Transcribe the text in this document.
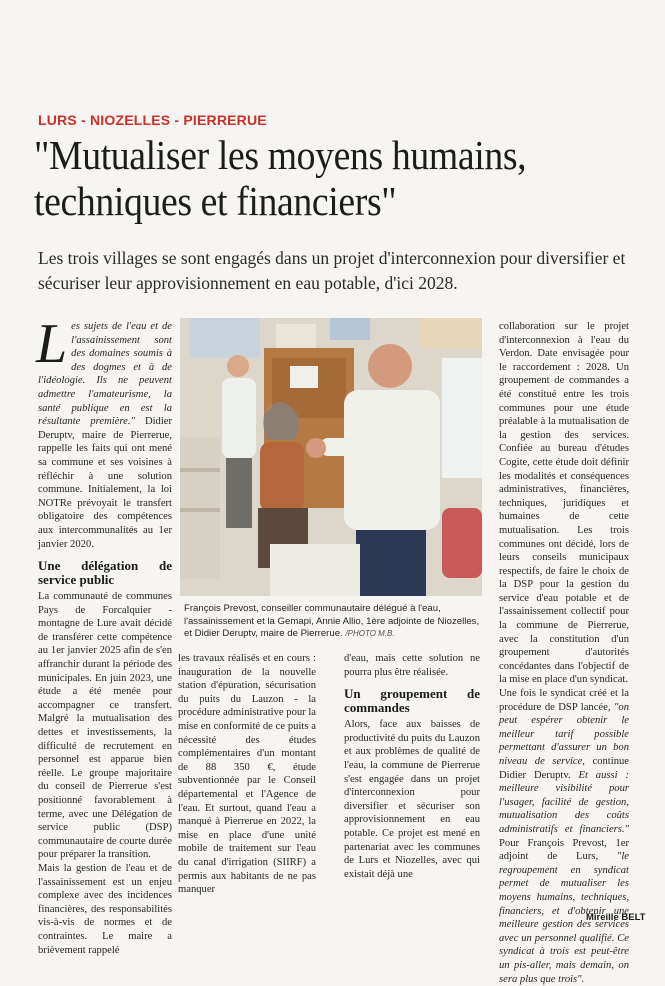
LURS - NIOZELLES - PIERRERUE
"Mutualiser les moyens humains, techniques et financiers"
Les trois villages se sont engagés dans un projet d'interconnexion pour diversifier et sécuriser leur approvisionnement en eau potable, d'ici 2028.

Les sujets de l'eau et de l'assainissement sont des domaines soumis à des dogmes et à de l'idéologie. Ils ne peuvent admettre l'amateurisme, la santé publique en est la résultante première." Didier Deruptv, maire de Pierrerue, rappelle les faits qui ont mené sa commune et ses voisines à réfléchir à une solution commune. Initialement, la loi NOTRe prévoyait le transfert obligatoire des compétences aux intercommunalités au 1er janvier 2020.

Une délégation de service public

La communauté de communes Pays de Forcalquier - montagne de Lure avait décidé de transférer cette compétence au 1er janvier 2025 afin de s'en affranchir durant la période des municipales. En juin 2023, une étude a été menée pour accompagner ce transfert. Malgré la mutualisation des dettes et investissements, la difficulté de recrutement en personnel est apparue bien réelle. Le groupe majoritaire du conseil de Pierrerue s'est positionné favorablement à terme, avec une Délégation de service public (DSP) communautaire de courte durée pour préparer la transition.

Mais la gestion de l'eau et de l'assainissement est un enjeu complexe avec des incidences financières, des responsabilités vis-à-vis de normes et de contraintes. Le maire a brièvement rappelé

François Prevost, conseiller communautaire délégué à l'eau, l'assainissement et la Gemapi, Annie Allio, 1ère adjointe de Niozelles, et Didier Deruptv, maire de Pierrerue. /PHOTO M.B.

les travaux réalisés et en cours : inauguration de la nouvelle station d'épuration, sécurisation du puits du Lauzon - la procédure administrative pour la mise en conformité de ce puits a nécessité des études complémentaires d'un montant de 88 350 €, étude subventionnée par le Conseil départemental et l'Agence de l'eau. Et surtout, quand l'eau a manqué à Pierrerue en 2022, la mise en place d'une unité mobile de traitement sur l'eau du canal d'irrigation (SIIRF) a permis aux habitants de ne pas manquer

d'eau, mais cette solution ne pourra plus être réalisée.

Un groupement de commandes

Alors, face aux baisses de productivité du puits du Lauzon et aux problèmes de qualité de l'eau, la commune de Pierrerue s'est engagée dans un projet d'interconnexion pour diversifier et sécuriser son approvisionnement en eau potable. Ce projet est mené en partenariat avec les communes de Lurs et Niozelles, avec qui existait déjà une

collaboration sur le projet d'interconnexion à l'eau du Verdon. Date envisagée pour le raccordement : 2028. Un groupement de commandes a été constitué entre les trois communes pour une étude préalable à la mutualisation de la gestion des services. Confiée au bureau d'études Cogite, cette étude doit définir les modalités et conséquences administratives, financières, techniques, juridiques et humaines de cette mutualisation. Les trois communes ont décidé, lors de leurs conseils municipaux respectifs, de faire le choix de la DSP pour la gestion du service d'eau potable et de l'assainissement collectif pour la commune de Pierrerue, avec la constitution d'un groupement d'autorités concédantes dans l'objectif de la mise en place d'un syndicat.

Une fois le syndicat créé et la procédure de DSP lancée, "on peut espérer obtenir le meilleur tarif possible permettant d'assurer un bon niveau de service, continue Didier Deruptv. Et aussi : meilleure visibilité pour l'usager, facilité de gestion, mutualisation des coûts administratifs et financiers." Pour François Prevost, 1er adjoint de Lurs, "le regroupement en syndicat permet de mutualiser les moyens humains, techniques, financiers, et d'obtenir une meilleure gestion des services avec un personnel qualifié. Ce syndicat à trois est peut-être un pis-aller, mais demain, on sera plus que trois".

Mireille BELT
